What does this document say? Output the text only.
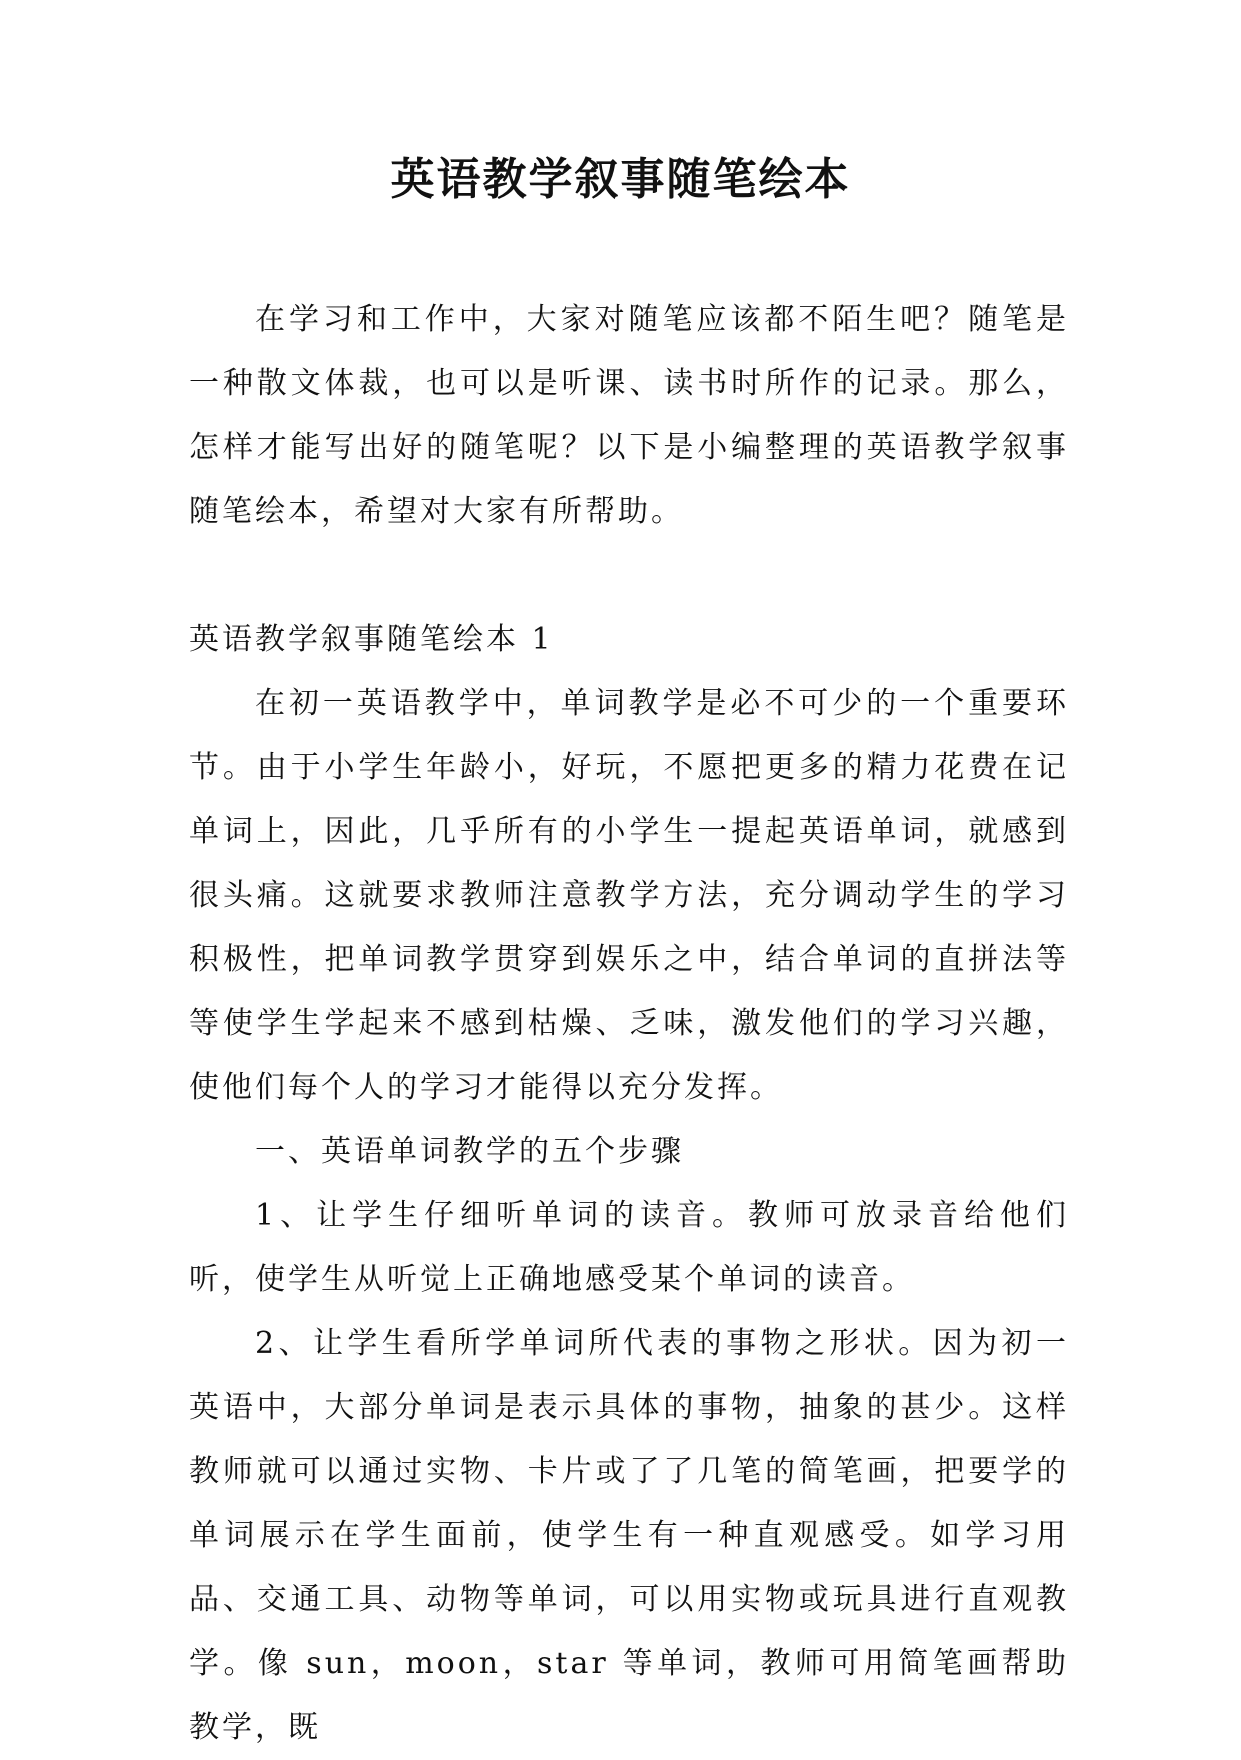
英语教学叙事随笔绘本

在学习和工作中，大家对随笔应该都不陌生吧？随笔是一种散文体裁，也可以是听课、读书时所作的记录。那么，怎样才能写出好的随笔呢？以下是小编整理的英语教学叙事随笔绘本，希望对大家有所帮助。

英语教学叙事随笔绘本 1

在初一英语教学中，单词教学是必不可少的一个重要环节。由于小学生年龄小，好玩，不愿把更多的精力花费在记单词上，因此，几乎所有的小学生一提起英语单词，就感到很头痛。这就要求教师注意教学方法，充分调动学生的学习积极性，把单词教学贯穿到娱乐之中，结合单词的直拼法等等使学生学起来不感到枯燥、乏味，激发他们的学习兴趣，使他们每个人的学习才能得以充分发挥。

一、英语单词教学的五个步骤

1、让学生仔细听单词的读音。教师可放录音给他们听，使学生从听觉上正确地感受某个单词的读音。

2、让学生看所学单词所代表的事物之形状。因为初一英语中，大部分单词是表示具体的事物，抽象的甚少。这样教师就可以通过实物、卡片或了了几笔的简笔画，把要学的单词展示在学生面前，使学生有一种直观感受。如学习用品、交通工具、动物等单词，可以用实物或玩具进行直观教学。像 sun，moon，star 等单词，教师可用简笔画帮助教学，既
